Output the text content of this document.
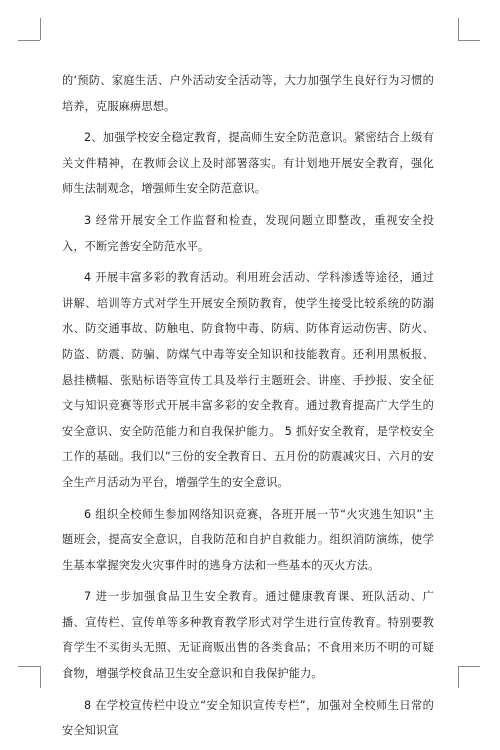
的‘预防、家庭生活、户外活动安全活动等，大力加强学生良好行为习惯的培养，克服麻痹思想。

2、加强学校安全稳定教育，提高师生安全防范意识。紧密结合上级有关文件精神，在教师会议上及时部署落实。有计划地开展安全教育，强化师生法制观念，增强师生安全防范意识。

3 经常开展安全工作监督和检查，发现问题立即整改，重视安全投入，不断完善安全防范水平。

4 开展丰富多彩的教育活动。利用班会活动、学科渗透等途径，通过讲解、培训等方式对学生开展安全预防教育，使学生接受比较系统的防溺水、防交通事故、防触电、防食物中毒、防病、防体育运动伤害、防火、防盗、防震、防骗、防煤气中毒等安全知识和技能教育。还利用黑板报、悬挂横幅、张贴标语等宣传工具及举行主题班会、讲座、手抄报、安全征文与知识竞赛等形式开展丰富多彩的安全教育。通过教育提高广大学生的安全意识、安全防范能力和自我保护能力。 5 抓好安全教育，是学校安全工作的基础。我们以“三份的安全教育日、五月份的防震减灾日、六月的安全生产月活动为平台，增强学生的安全意识。

6 组织全校师生参加网络知识竞赛，各班开展一节“火灾逃生知识”主题班会，提高安全意识，自我防范和自护自救能力。组织消防演练，使学生基本掌握突发火灾事件时的逃身方法和一些基本的灭火方法。

7 进一步加强食品卫生安全教育。通过健康教育课、班队活动、广播、宣传栏、宣传单等多种教育教学形式对学生进行宣传教育。特别要教育学生不买街头无照、无证商贩出售的各类食品；不食用来历不明的可疑食物，增强学校食品卫生安全意识和自我保护能力。

8 在学校宣传栏中设立“安全知识宣传专栏”，加强对全校师生日常的安全知识宣
